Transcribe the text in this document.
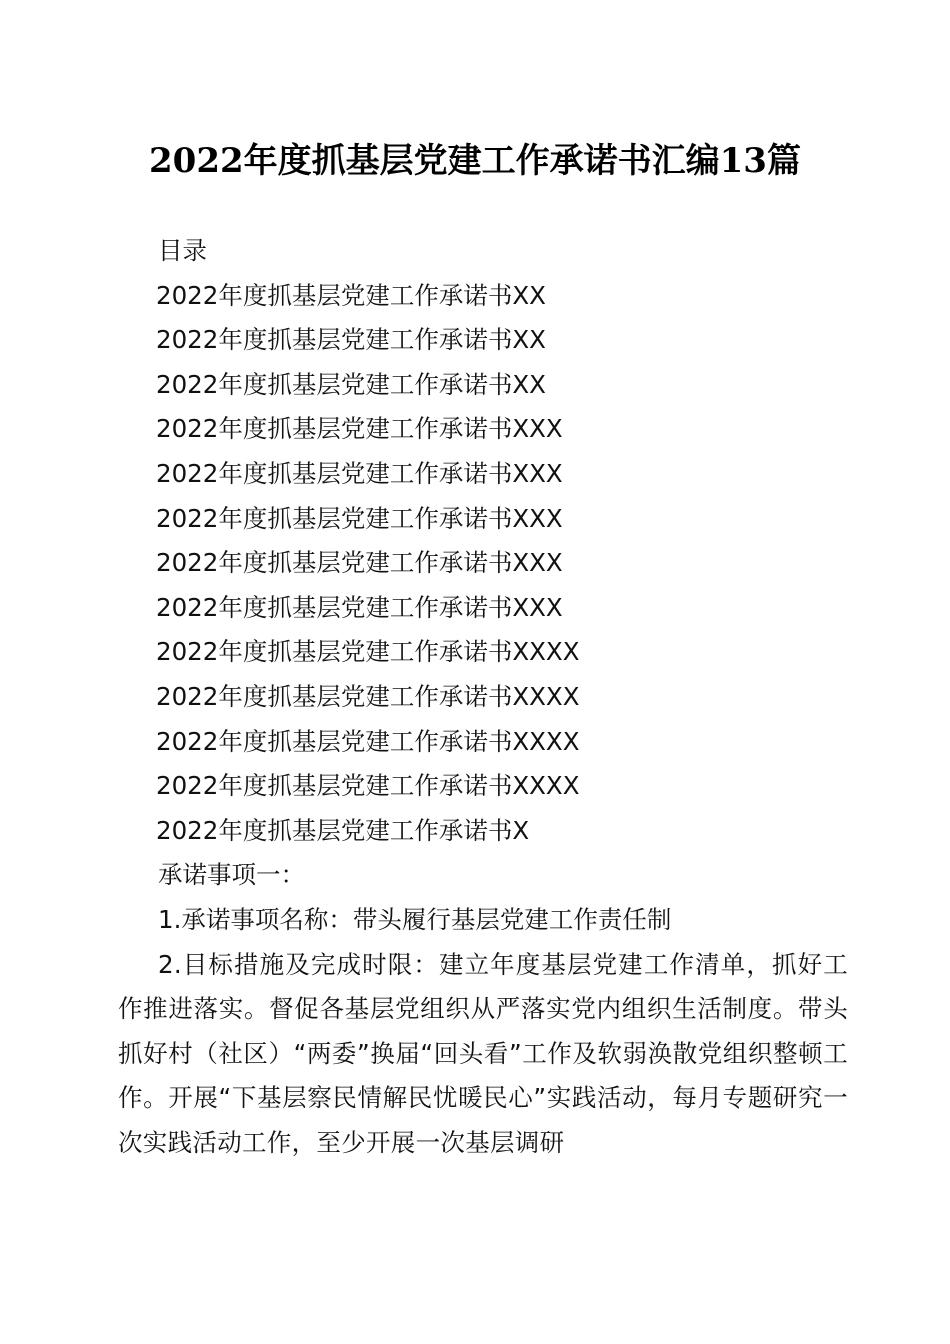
2022年度抓基层党建工作承诺书汇编13篇
目录
2022年度抓基层党建工作承诺书XX
2022年度抓基层党建工作承诺书XX
2022年度抓基层党建工作承诺书XX
2022年度抓基层党建工作承诺书XXX
2022年度抓基层党建工作承诺书XXX
2022年度抓基层党建工作承诺书XXX
2022年度抓基层党建工作承诺书XXX
2022年度抓基层党建工作承诺书XXX
2022年度抓基层党建工作承诺书XXXX
2022年度抓基层党建工作承诺书XXXX
2022年度抓基层党建工作承诺书XXXX
2022年度抓基层党建工作承诺书XXXX
2022年度抓基层党建工作承诺书X
承诺事项一：
1.承诺事项名称：带头履行基层党建工作责任制
2.目标措施及完成时限：建立年度基层党建工作清单，抓好工作推进落实。督促各基层党组织从严落实党内组织生活制度。带头抓好村（社区）“两委”换届“回头看”工作及软弱涣散党组织整顿工作。开展“下基层察民情解民忧暖民心”实践活动，每月专题研究一次实践活动工作，至少开展一次基层调研
